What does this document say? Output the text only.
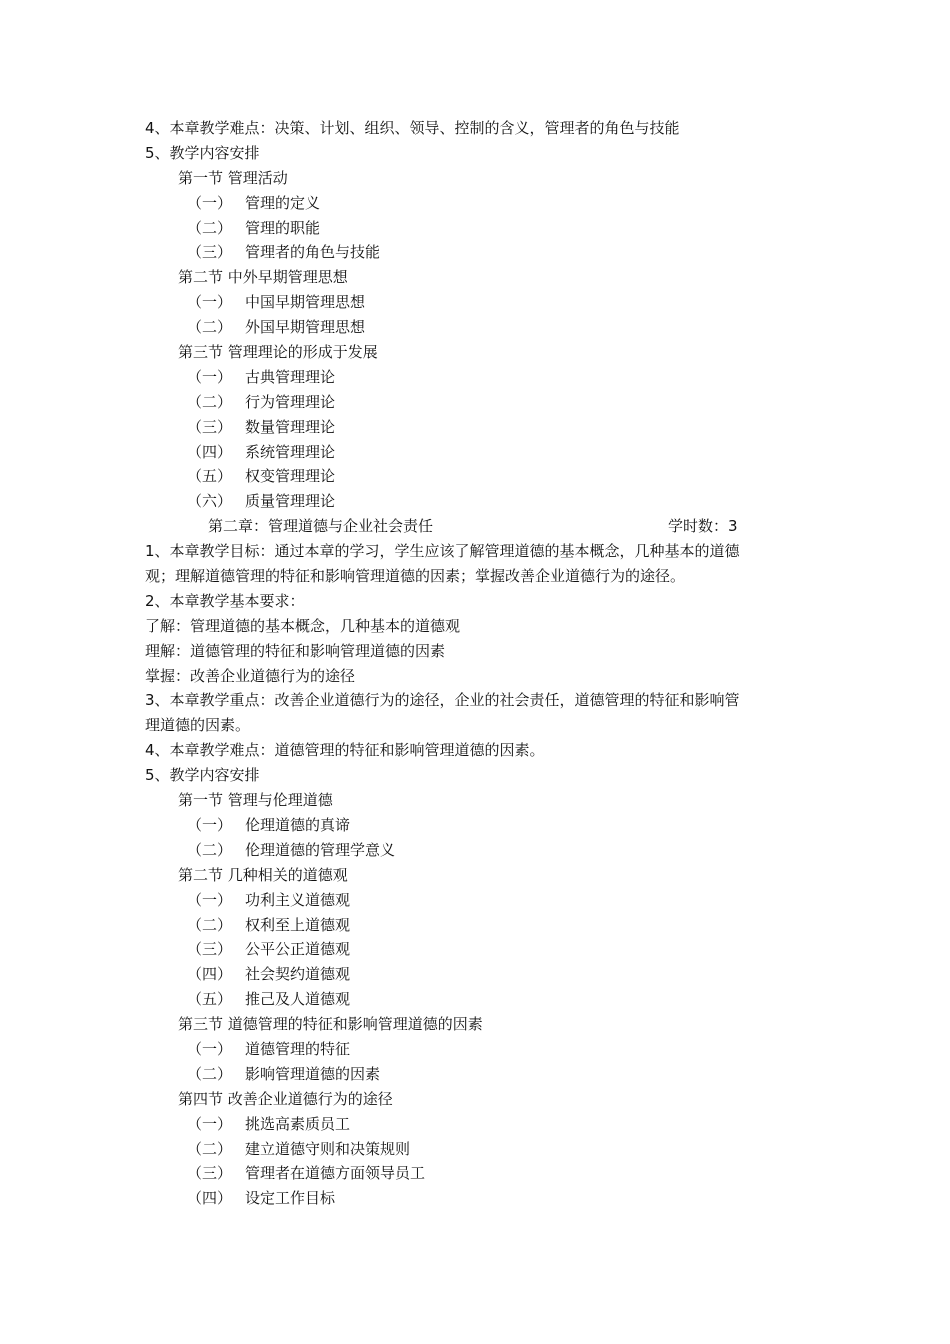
4、本章教学难点：决策、计划、组织、领导、控制的含义，管理者的角色与技能
5、教学内容安排
第一节 管理活动
（一） 管理的定义
（二） 管理的职能
（三） 管理者的角色与技能
第二节 中外早期管理思想
（一） 中国早期管理思想
（二） 外国早期管理思想
第三节 管理理论的形成于发展
（一） 古典管理理论
（二） 行为管理理论
（三） 数量管理理论
（四） 系统管理理论
（五） 权变管理理论
（六） 质量管理理论
第二章：管理道德与企业社会责任	学时数：3
1、本章教学目标：通过本章的学习，学生应该了解管理道德的基本概念，几种基本的道德
观；理解道德管理的特征和影响管理道德的因素；掌握改善企业道德行为的途径。
2、本章教学基本要求：
了解：管理道德的基本概念，几种基本的道德观
理解：道德管理的特征和影响管理道德的因素
掌握：改善企业道德行为的途径
3、本章教学重点：改善企业道德行为的途径，企业的社会责任，道德管理的特征和影响管
理道德的因素。
4、本章教学难点：道德管理的特征和影响管理道德的因素。
5、教学内容安排
第一节 管理与伦理道德
（一） 伦理道德的真谛
（二） 伦理道德的管理学意义
第二节 几种相关的道德观
（一） 功利主义道德观
（二） 权利至上道德观
（三） 公平公正道德观
（四） 社会契约道德观
（五） 推己及人道德观
第三节 道德管理的特征和影响管理道德的因素
（一） 道德管理的特征
（二） 影响管理道德的因素
第四节 改善企业道德行为的途径
（一） 挑选高素质员工
（二） 建立道德守则和决策规则
（三） 管理者在道德方面领导员工
（四） 设定工作目标
